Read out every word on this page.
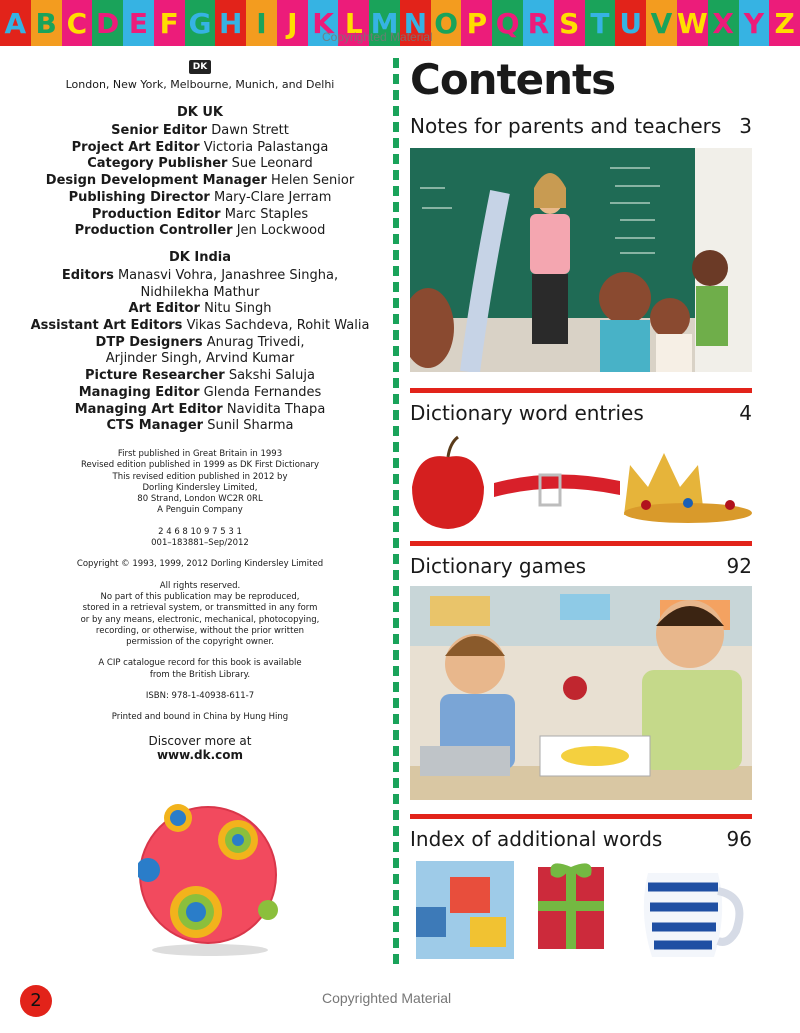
A B C D E F G H I J K L M N O P Q R S T U V W X Y Z
Copyrighted Material
DK
London, New York, Melbourne, Munich, and Delhi
DK UK
Senior Editor Dawn Strett
Project Art Editor Victoria Palastanga
Category Publisher Sue Leonard
Design Development Manager Helen Senior
Publishing Director Mary-Clare Jerram
Production Editor Marc Staples
Production Controller Jen Lockwood
DK India
Editors Manasvi Vohra, Janashree Singha,
Nidhilekha Mathur
Art Editor Nitu Singh
Assistant Art Editors Vikas Sachdeva, Rohit Walia
DTP Designers Anurag Trivedi,
Arjinder Singh, Arvind Kumar
Picture Researcher Sakshi Saluja
Managing Editor Glenda Fernandes
Managing Art Editor Navidita Thapa
CTS Manager Sunil Sharma

First published in Great Britain in 1993

Revised edition published in 1999 as DK First Dictionary

This revised edition published in 2012 by

Dorling Kindersley Limited,

80 Strand, London WC2R 0RL

A Penguin Company

2 4 6 8 10 9 7 5 3 1

001–183881–Sep/2012

Copyright © 1993, 1999, 2012 Dorling Kindersley Limited

All rights reserved.

No part of this publication may be reproduced,

stored in a retrieval system, or transmitted in any form

or by any means, electronic, mechanical, photocopying,

recording, or otherwise, without the prior written

permission of the copyright owner.

A CIP catalogue record for this book is available

from the British Library.

ISBN: 978-1-40938-611-7

Printed and bound in China by Hung Hing

Discover more at
www.dk.com
Contents
Notes for parents and teachers 3
Dictionary word entries	4
Dictionary games	92
Index of additional words	96
2	Copyrighted Material
